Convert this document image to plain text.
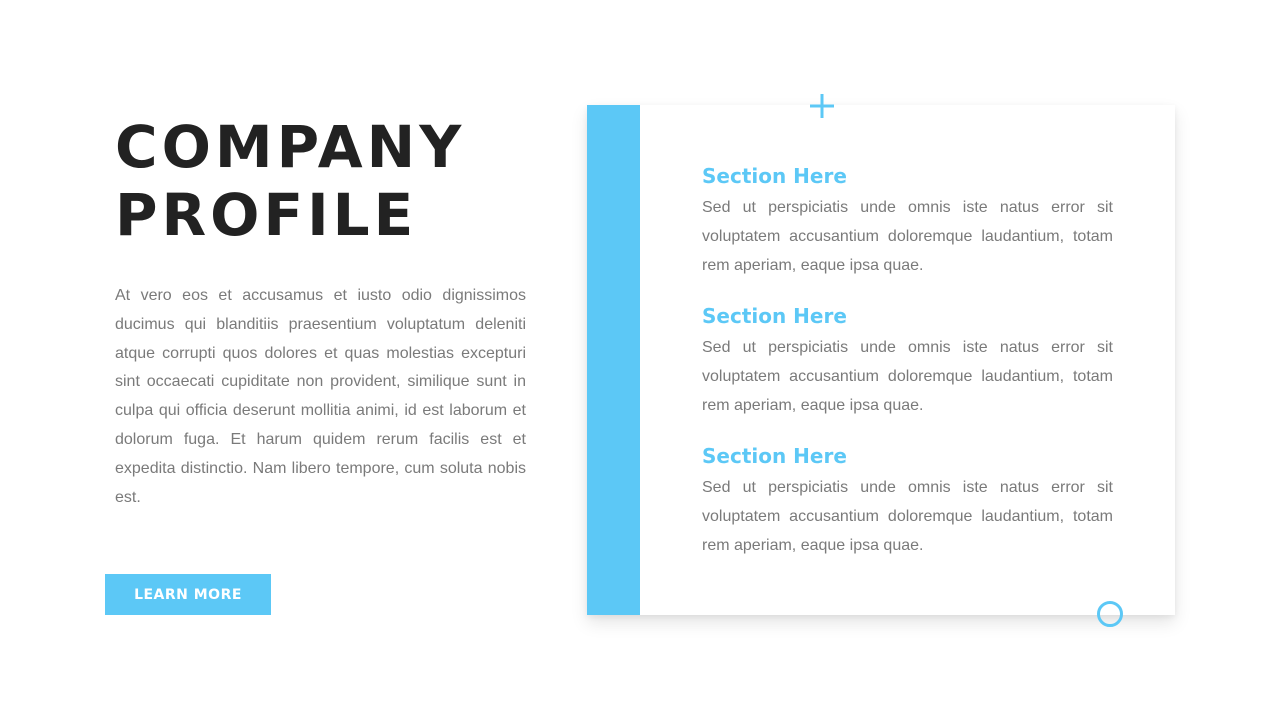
COMPANY
PROFILE

At vero eos et accusamus et iusto odio dignissimos ducimus qui blanditiis praesentium voluptatum deleniti atque corrupti quos dolores et quas molestias excepturi sint occaecati cupiditate non provident, similique sunt in culpa qui officia deserunt mollitia animi, id est laborum et dolorum fuga. Et harum quidem rerum facilis est et expedita distinctio. Nam libero tempore, cum soluta nobis est.

LEARN MORE
Section Here

Sed ut perspiciatis unde omnis iste natus error sit voluptatem accusantium doloremque laudantium, totam rem aperiam, eaque ipsa quae.

Section Here

Sed ut perspiciatis unde omnis iste natus error sit voluptatem accusantium doloremque laudantium, totam rem aperiam, eaque ipsa quae.

Section Here

Sed ut perspiciatis unde omnis iste natus error sit voluptatem accusantium doloremque laudantium, totam rem aperiam, eaque ipsa quae.
